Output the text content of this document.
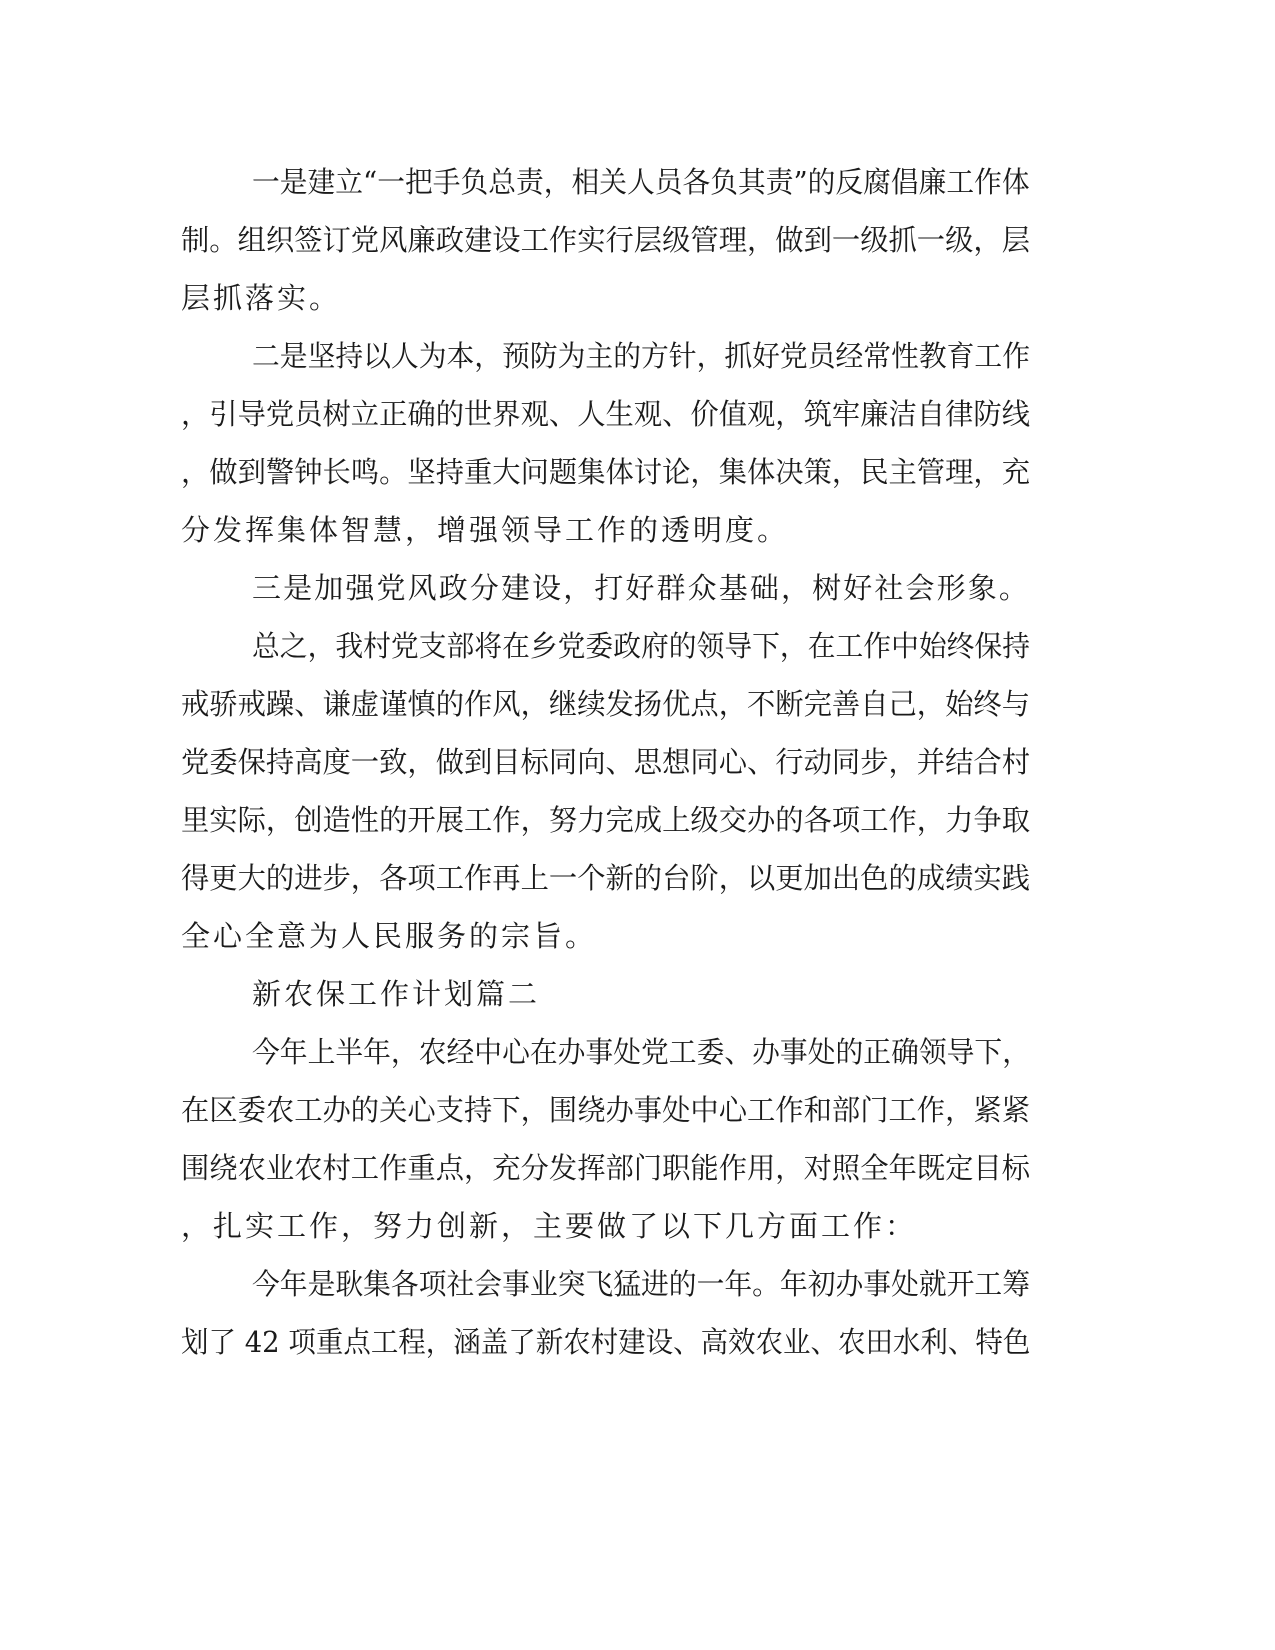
一是建立“一把手负总责，相关人员各负其责”的反腐倡廉工作体
制。组织签订党风廉政建设工作实行层级管理，做到一级抓一级，层
层抓落实。
二是坚持以人为本，预防为主的方针，抓好党员经常性教育工作
，引导党员树立正确的世界观、人生观、价值观，筑牢廉洁自律防线
，做到警钟长鸣。坚持重大问题集体讨论，集体决策，民主管理，充
分发挥集体智慧，增强领导工作的透明度。
三是加强党风政分建设，打好群众基础，树好社会形象。
总之，我村党支部将在乡党委政府的领导下，在工作中始终保持
戒骄戒躁、谦虚谨慎的作风，继续发扬优点，不断完善自己，始终与
党委保持高度一致，做到目标同向、思想同心、行动同步，并结合村
里实际，创造性的开展工作，努力完成上级交办的各项工作，力争取
得更大的进步，各项工作再上一个新的台阶，以更加出色的成绩实践
全心全意为人民服务的宗旨。
新农保工作计划篇二
今年上半年，农经中心在办事处党工委、办事处的正确领导下，
在区委农工办的关心支持下，围绕办事处中心工作和部门工作，紧紧
围绕农业农村工作重点，充分发挥部门职能作用，对照全年既定目标
，扎实工作，努力创新，主要做了以下几方面工作：
今年是耿集各项社会事业突飞猛进的一年。年初办事处就开工筹
划了 42 项重点工程，涵盖了新农村建设、高效农业、农田水利、特色
